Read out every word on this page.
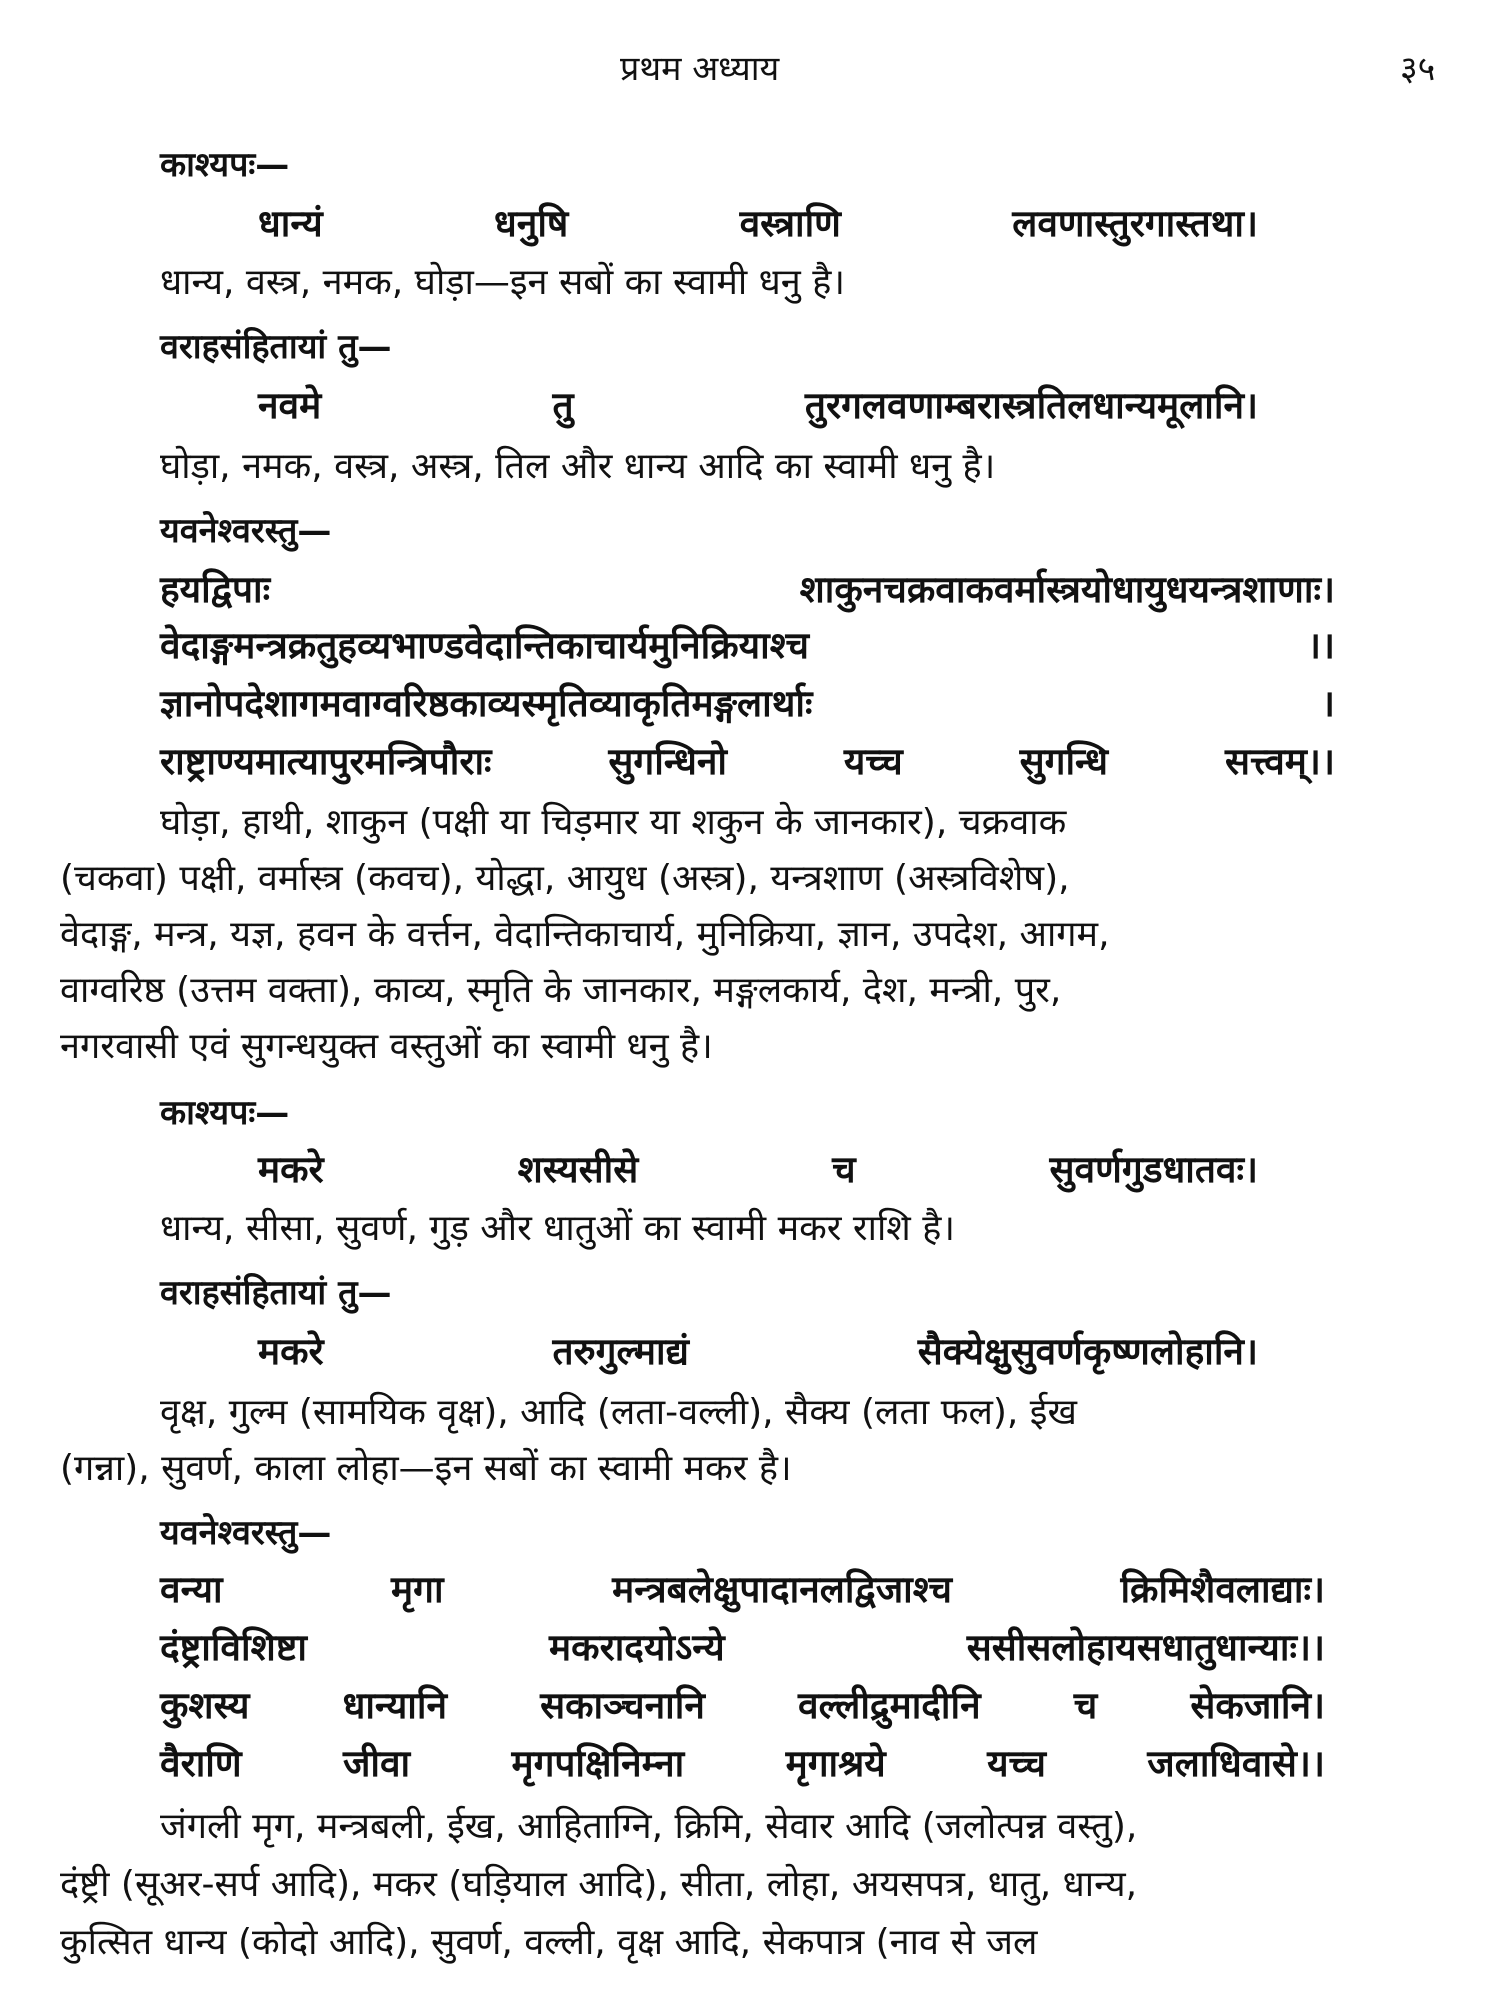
प्रथम अध्याय	३५
काश्यपः—
धान्यं	धनुषि	वस्त्राणि	लवणास्तुरगास्तथा।
धान्य, वस्त्र, नमक, घोड़ा—इन सबों का स्वामी धनु है।
वराहसंहितायां तु—
नवमे	तु	तुरगलवणाम्बरास्त्रतिलधान्यमूलानि।
घोड़ा, नमक, वस्त्र, अस्त्र, तिल और धान्य आदि का स्वामी धनु है।
यवनेश्वरस्तु—
हयद्विपाः	शाकुनचक्रवाकवर्मास्त्रयोधायुधयन्त्रशाणाः।
वेदाङ्गमन्त्रक्रतुहव्यभाण्डवेदान्तिकाचार्यमुनिक्रियाश्च	।।
ज्ञानोपदेशागमवाग्वरिष्ठकाव्यस्मृतिव्याकृतिमङ्गलार्थाः	।
राष्ट्राण्यमात्यापुरमन्त्रिपौराः	सुगन्धिनो	यच्च	सुगन्धि	सत्त्वम्।।
घोड़ा, हाथी, शाकुन (पक्षी या चिड़मार या शकुन के जानकार), चक्रवाक
(चकवा) पक्षी, वर्मास्त्र (कवच), योद्धा, आयुध (अस्त्र), यन्त्रशाण (अस्त्रविशेष),
वेदाङ्ग, मन्त्र, यज्ञ, हवन के वर्त्तन, वेदान्तिकाचार्य, मुनिक्रिया, ज्ञान, उपदेश, आगम,
वाग्वरिष्ठ (उत्तम वक्ता), काव्य, स्मृति के जानकार, मङ्गलकार्य, देश, मन्त्री, पुर,
नगरवासी एवं सुगन्धयुक्त वस्तुओं का स्वामी धनु है।
काश्यपः—
मकरे	शस्यसीसे	च	सुवर्णगुडधातवः।
धान्य, सीसा, सुवर्ण, गुड़ और धातुओं का स्वामी मकर राशि है।
वराहसंहितायां तु—
मकरे	तरुगुल्माद्यं	सैक्येक्षुसुवर्णकृष्णलोहानि।
वृक्ष, गुल्म (सामयिक वृक्ष), आदि (लता-वल्ली), सैक्य (लता फल), ईख
(गन्ना), सुवर्ण, काला लोहा—इन सबों का स्वामी मकर है।
यवनेश्वरस्तु—
वन्या	मृगा	मन्त्रबलेक्षुपादानलद्विजाश्च	क्रिमिशैवलाद्याः।
दंष्ट्राविशिष्टा	मकरादयोऽन्ये	ससीसलोहायसधातुधान्याः।।
कुशस्य	धान्यानि	सकाञ्चनानि	वल्लीद्रुमादीनि	च	सेकजानि।
वैराणि	जीवा	मृगपक्षिनिम्ना	मृगाश्रये	यच्च	जलाधिवासे।।
जंगली मृग, मन्त्रबली, ईख, आहिताग्नि, क्रिमि, सेवार आदि (जलोत्पन्न वस्तु),
दंष्ट्री (सूअर-सर्प आदि), मकर (घड़ियाल आदि), सीता, लोहा, अयसपत्र, धातु, धान्य,
कुत्सित धान्य (कोदो आदि), सुवर्ण, वल्ली, वृक्ष आदि, सेकपात्र (नाव से जल
